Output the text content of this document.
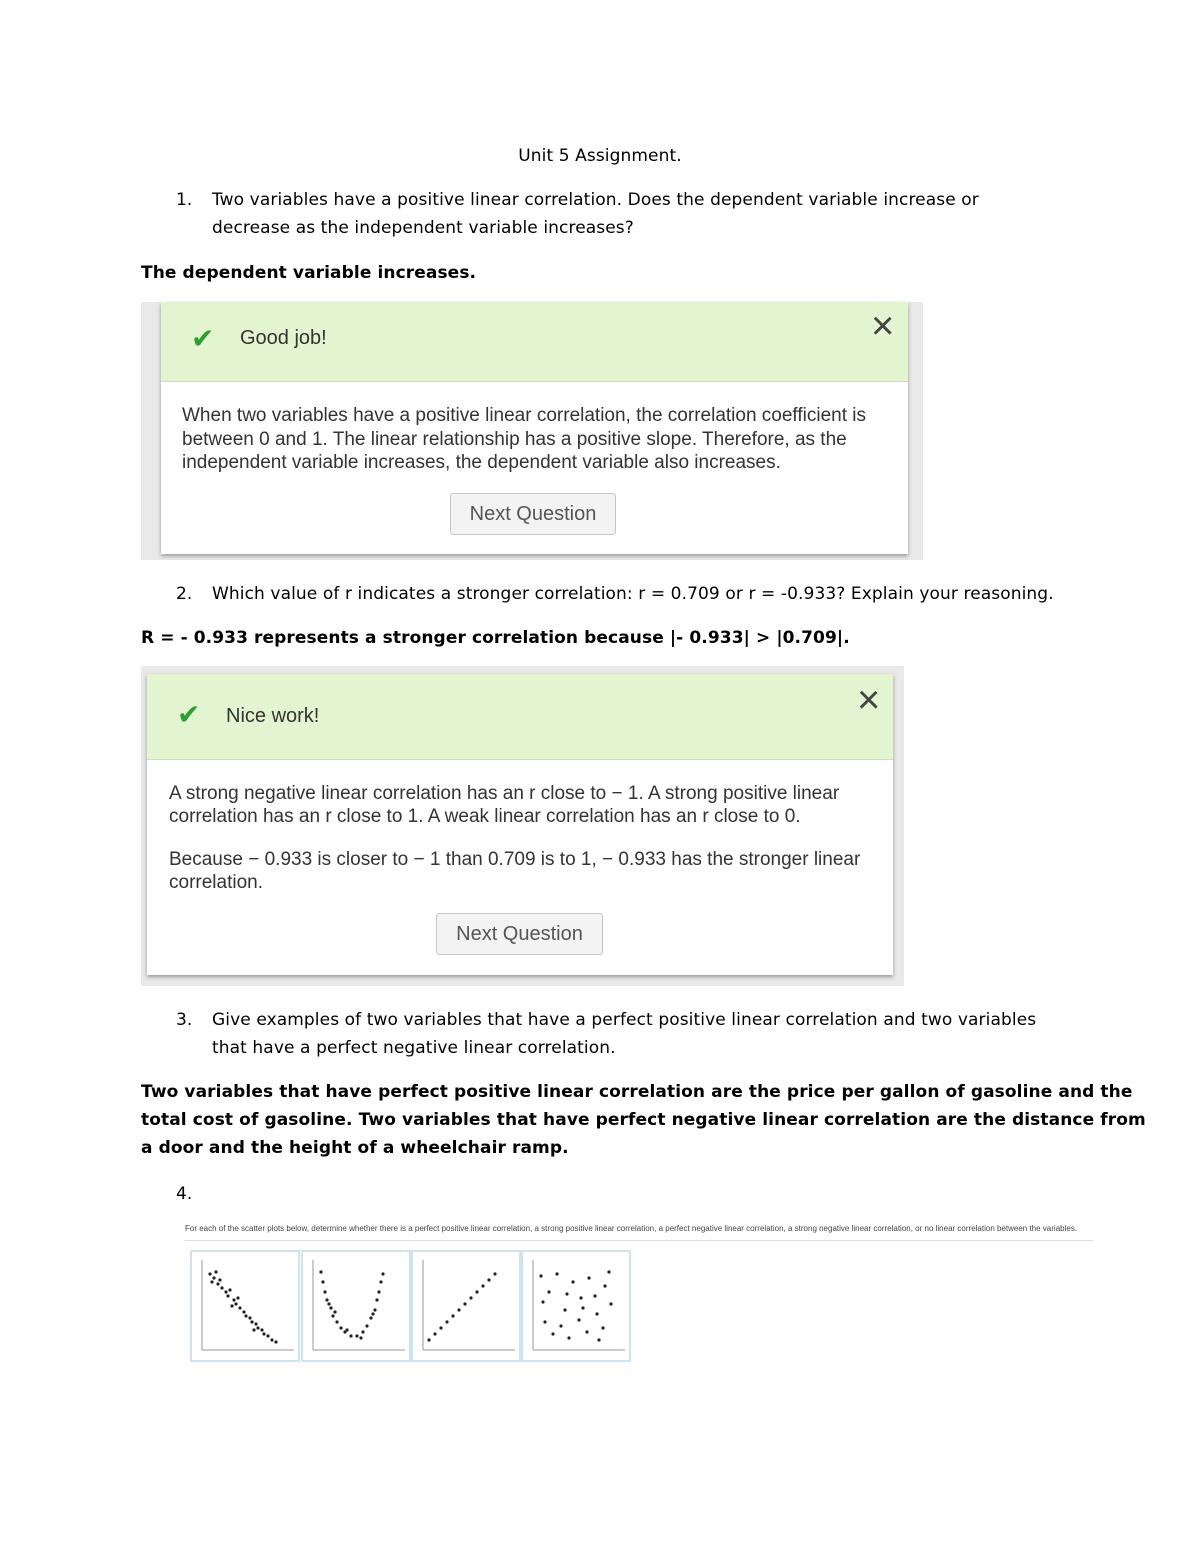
Unit 5 Assignment.

1. Two variables have a positive linear correlation. Does the dependent variable increase or

decrease as the independent variable increases?

The dependent variable increases.

✔ Good job!	×

When two variables have a positive linear correlation, the correlation coefficient is

between 0 and 1. The linear relationship has a positive slope. Therefore, as the

independent variable increases, the dependent variable also increases.

Next Question
2. Which value of r indicates a stronger correlation: r = 0.709 or r = -0.933? Explain your reasoning.

R = - 0.933 represents a stronger correlation because |- 0.933| > |0.709|.

✔ Nice work!	×

A strong negative linear correlation has an r close to − 1. A strong positive linear

correlation has an r close to 1. A weak linear correlation has an r close to 0.

Because − 0.933 is closer to − 1 than 0.709 is to 1, − 0.933 has the stronger linear

correlation.

Next Question
3. Give examples of two variables that have a perfect positive linear correlation and two variables

that have a perfect negative linear correlation.

Two variables that have perfect positive linear correlation are the price per gallon of gasoline and the

total cost of gasoline. Two variables that have perfect negative linear correlation are the distance from

a door and the height of a wheelchair ramp.

4.
For each of the scatter plots below, determine whether there is a perfect positive linear correlation, a strong positive linear correlation, a perfect negative linear correlation, a strong negative linear correlation, or no linear correlation between the variables.
